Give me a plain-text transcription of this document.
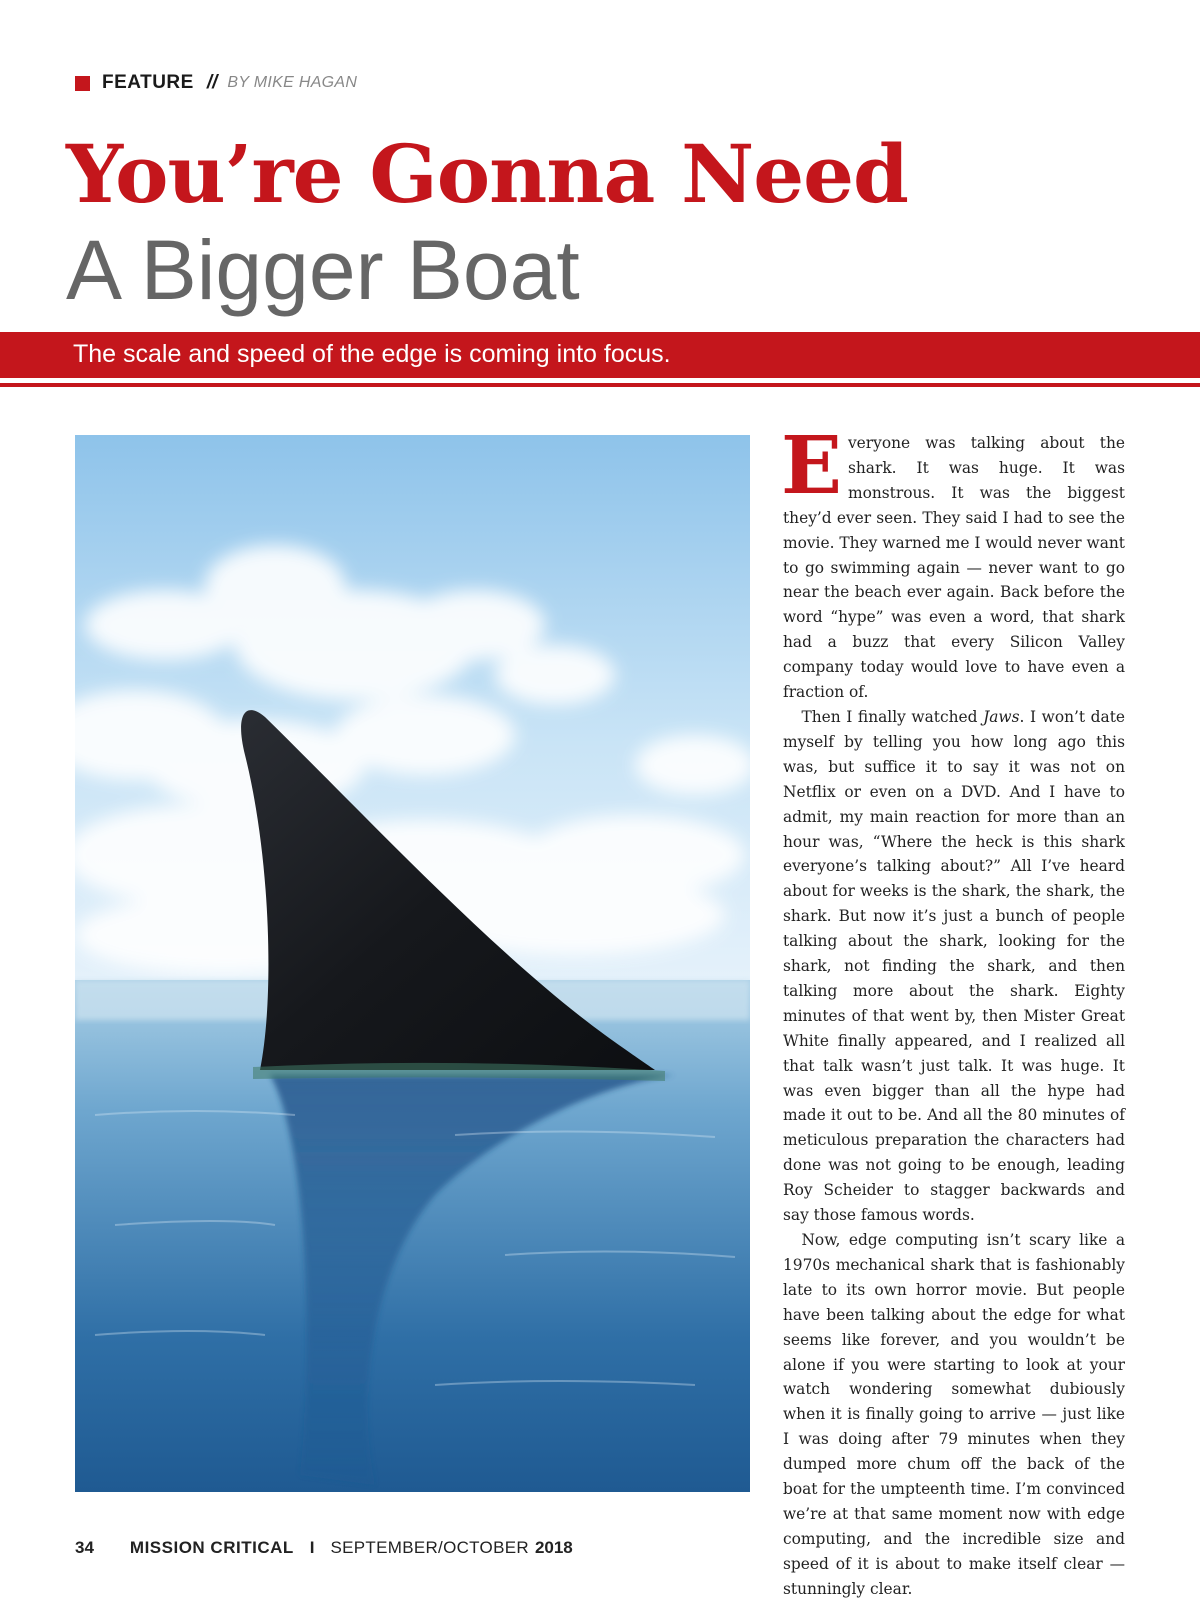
FEATURE // BY MIKE HAGAN
You’re Gonna Need
A Bigger Boat
The scale and speed of the edge is coming into focus.

Everyone was talking about the shark. It was huge. It was monstrous. It was the biggest they’d ever seen. They said I had to see the movie. They warned me I would never want to go swimming again — never want to go near the beach ever again. Back before the word “hype” was even a word, that shark had a buzz that every Silicon Valley company today would love to have even a fraction of.

Then I finally watched Jaws. I won’t date myself by telling you how long ago this was, but suffice it to say it was not on Netflix or even on a DVD. And I have to admit, my main reaction for more than an hour was, “Where the heck is this shark everyone’s talking about?” All I’ve heard about for weeks is the shark, the shark, the shark. But now it’s just a bunch of people talking about the shark, looking for the shark, not finding the shark, and then talking more about the shark. Eighty minutes of that went by, then Mister Great White finally appeared, and I realized all that talk wasn’t just talk. It was huge. It was even bigger than all the hype had made it out to be. And all the 80 minutes of meticulous preparation the characters had done was not going to be enough, leading Roy Scheider to stagger backwards and say those famous words.

Now, edge computing isn’t scary like a 1970s mechanical shark that is fashionably late to its own horror movie. But people have been talking about the edge for what seems like forever, and you wouldn’t be alone if you were starting to look at your watch wondering somewhat dubiously when it is finally going to arrive — just like I was doing after 79 minutes when they dumped more chum off the back of the boat for the umpteenth time. I’m convinced we’re at that same moment now with edge computing, and the incredible size and speed of it is about to make itself clear — stunningly clear.

34 MISSION CRITICAL I SEPTEMBER/OCTOBER 2018
